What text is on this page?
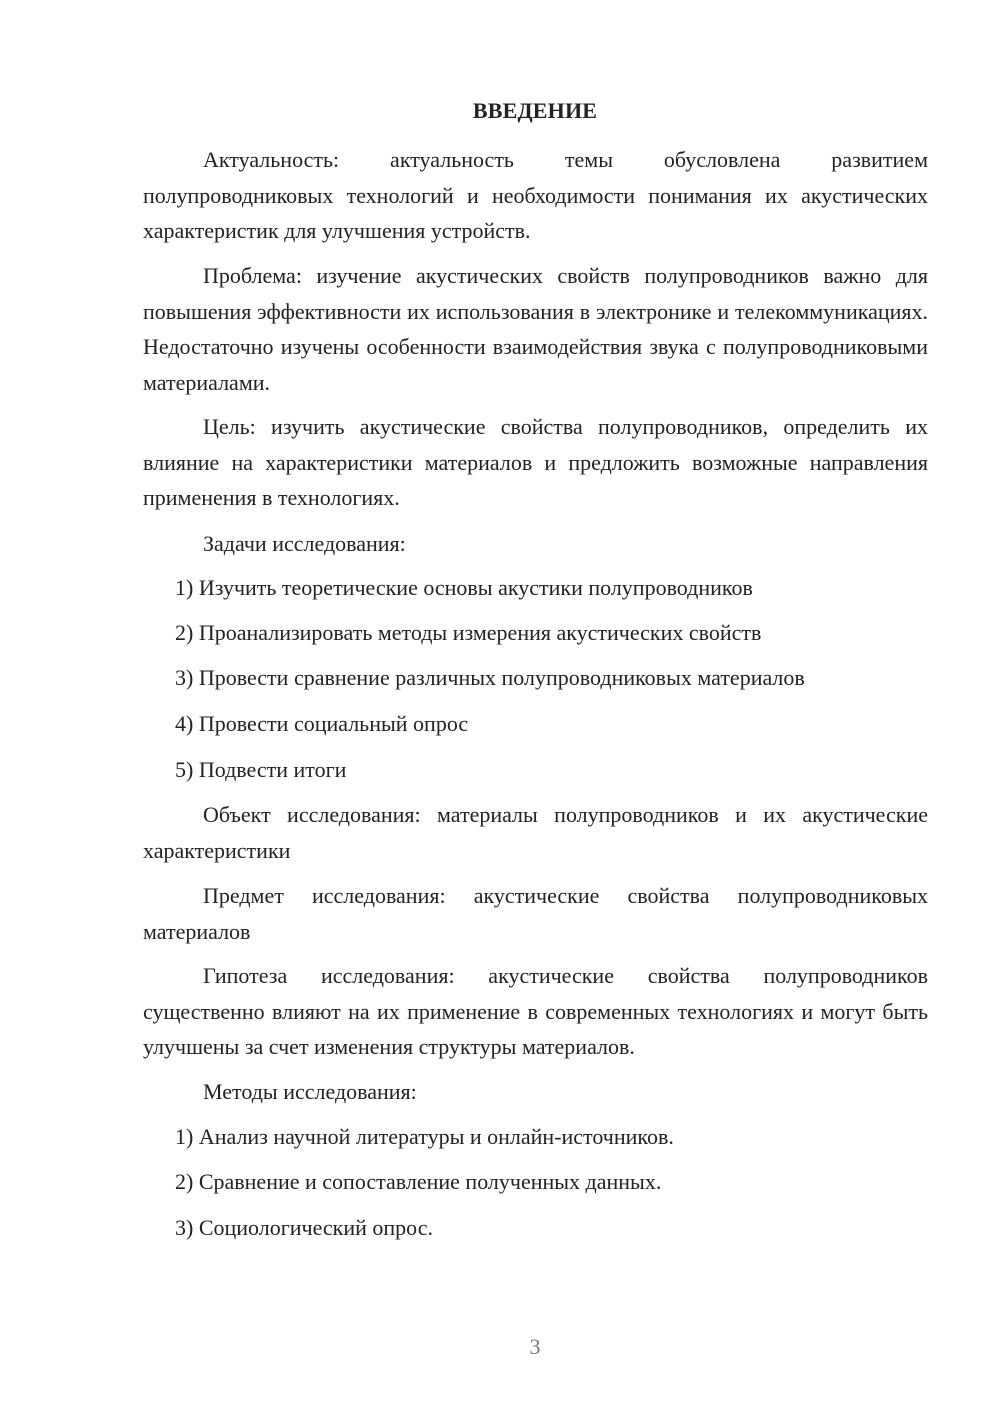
ВВЕДЕНИЕ

Актуальность: актуальность темы обусловлена развитием полупроводниковых технологий и необходимости понимания их акустических характеристик для улучшения устройств.

Проблема: изучение акустических свойств полупроводников важно для повышения эффективности их использования в электронике и телекоммуникациях. Недостаточно изучены особенности взаимодействия звука с полупроводниковыми материалами.

Цель: изучить акустические свойства полупроводников, определить их влияние на характеристики материалов и предложить возможные направления применения в технологиях.

Задачи исследования:

1) Изучить теоретические основы акустики полупроводников

2) Проанализировать методы измерения акустических свойств

3) Провести сравнение различных полупроводниковых материалов

4) Провести социальный опрос

5) Подвести итоги

Объект исследования: материалы полупроводников и их акустические характеристики

Предмет исследования: акустические свойства полупроводниковых материалов

Гипотеза исследования: акустические свойства полупроводников существенно влияют на их применение в современных технологиях и могут быть улучшены за счет изменения структуры материалов.

Методы исследования:

1) Анализ научной литературы и онлайн-источников.

2) Сравнение и сопоставление полученных данных.

3) Социологический опрос.

3
